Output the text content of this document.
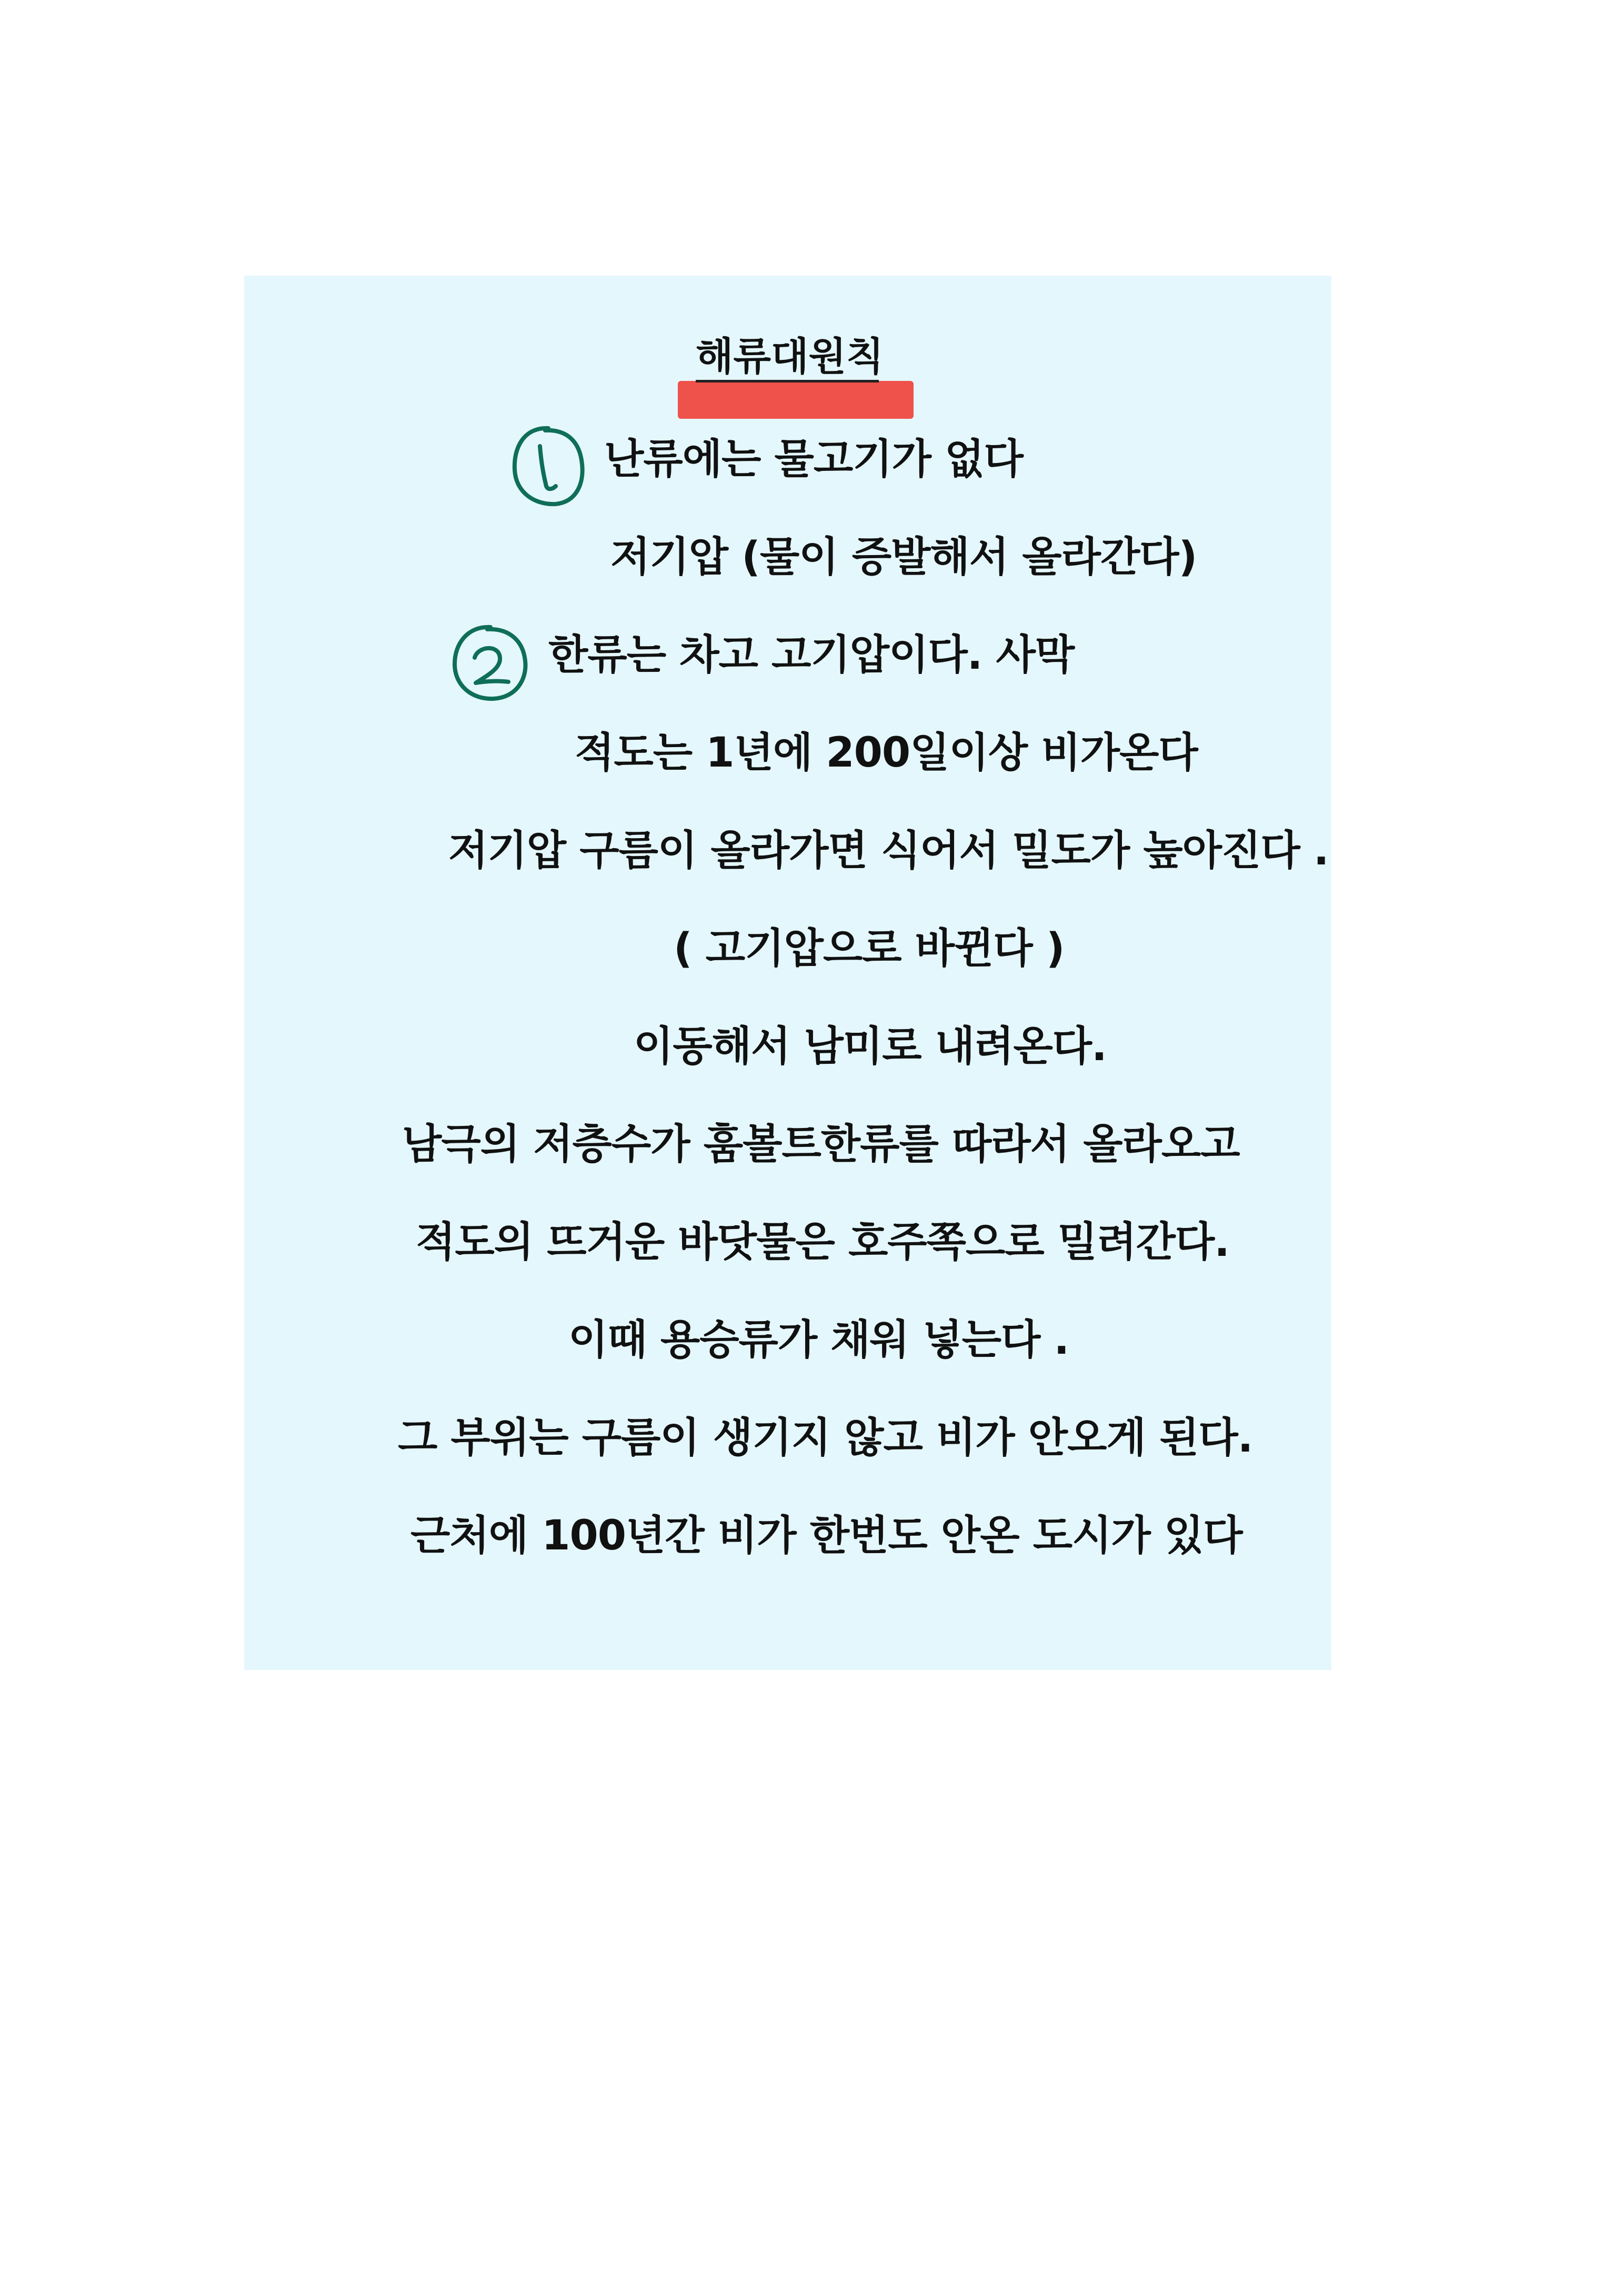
해류대원칙
난류에는 물고기가 없다
저기압 (물이 증발해서 올라간다)
한류는 차고 고기압이다. 사막
적도는 1년에 200일이상 비가온다
저기압 구름이 올라가면 식어서 밀도가 높아진다 .
( 고기압으로 바뀐다 )
이동해서 남미로 내려온다.
남극의 저층수가 훔볼트한류를 따라서 올라오고
적도의 뜨거운 바닷물은 호주쪽으로 밀려간다.
이때 용승류가 채워 넣는다 .
그 부위는 구름이 생기지 않고 비가 안오게 된다.
근처에 100년간 비가 한번도 안온 도시가 있다
